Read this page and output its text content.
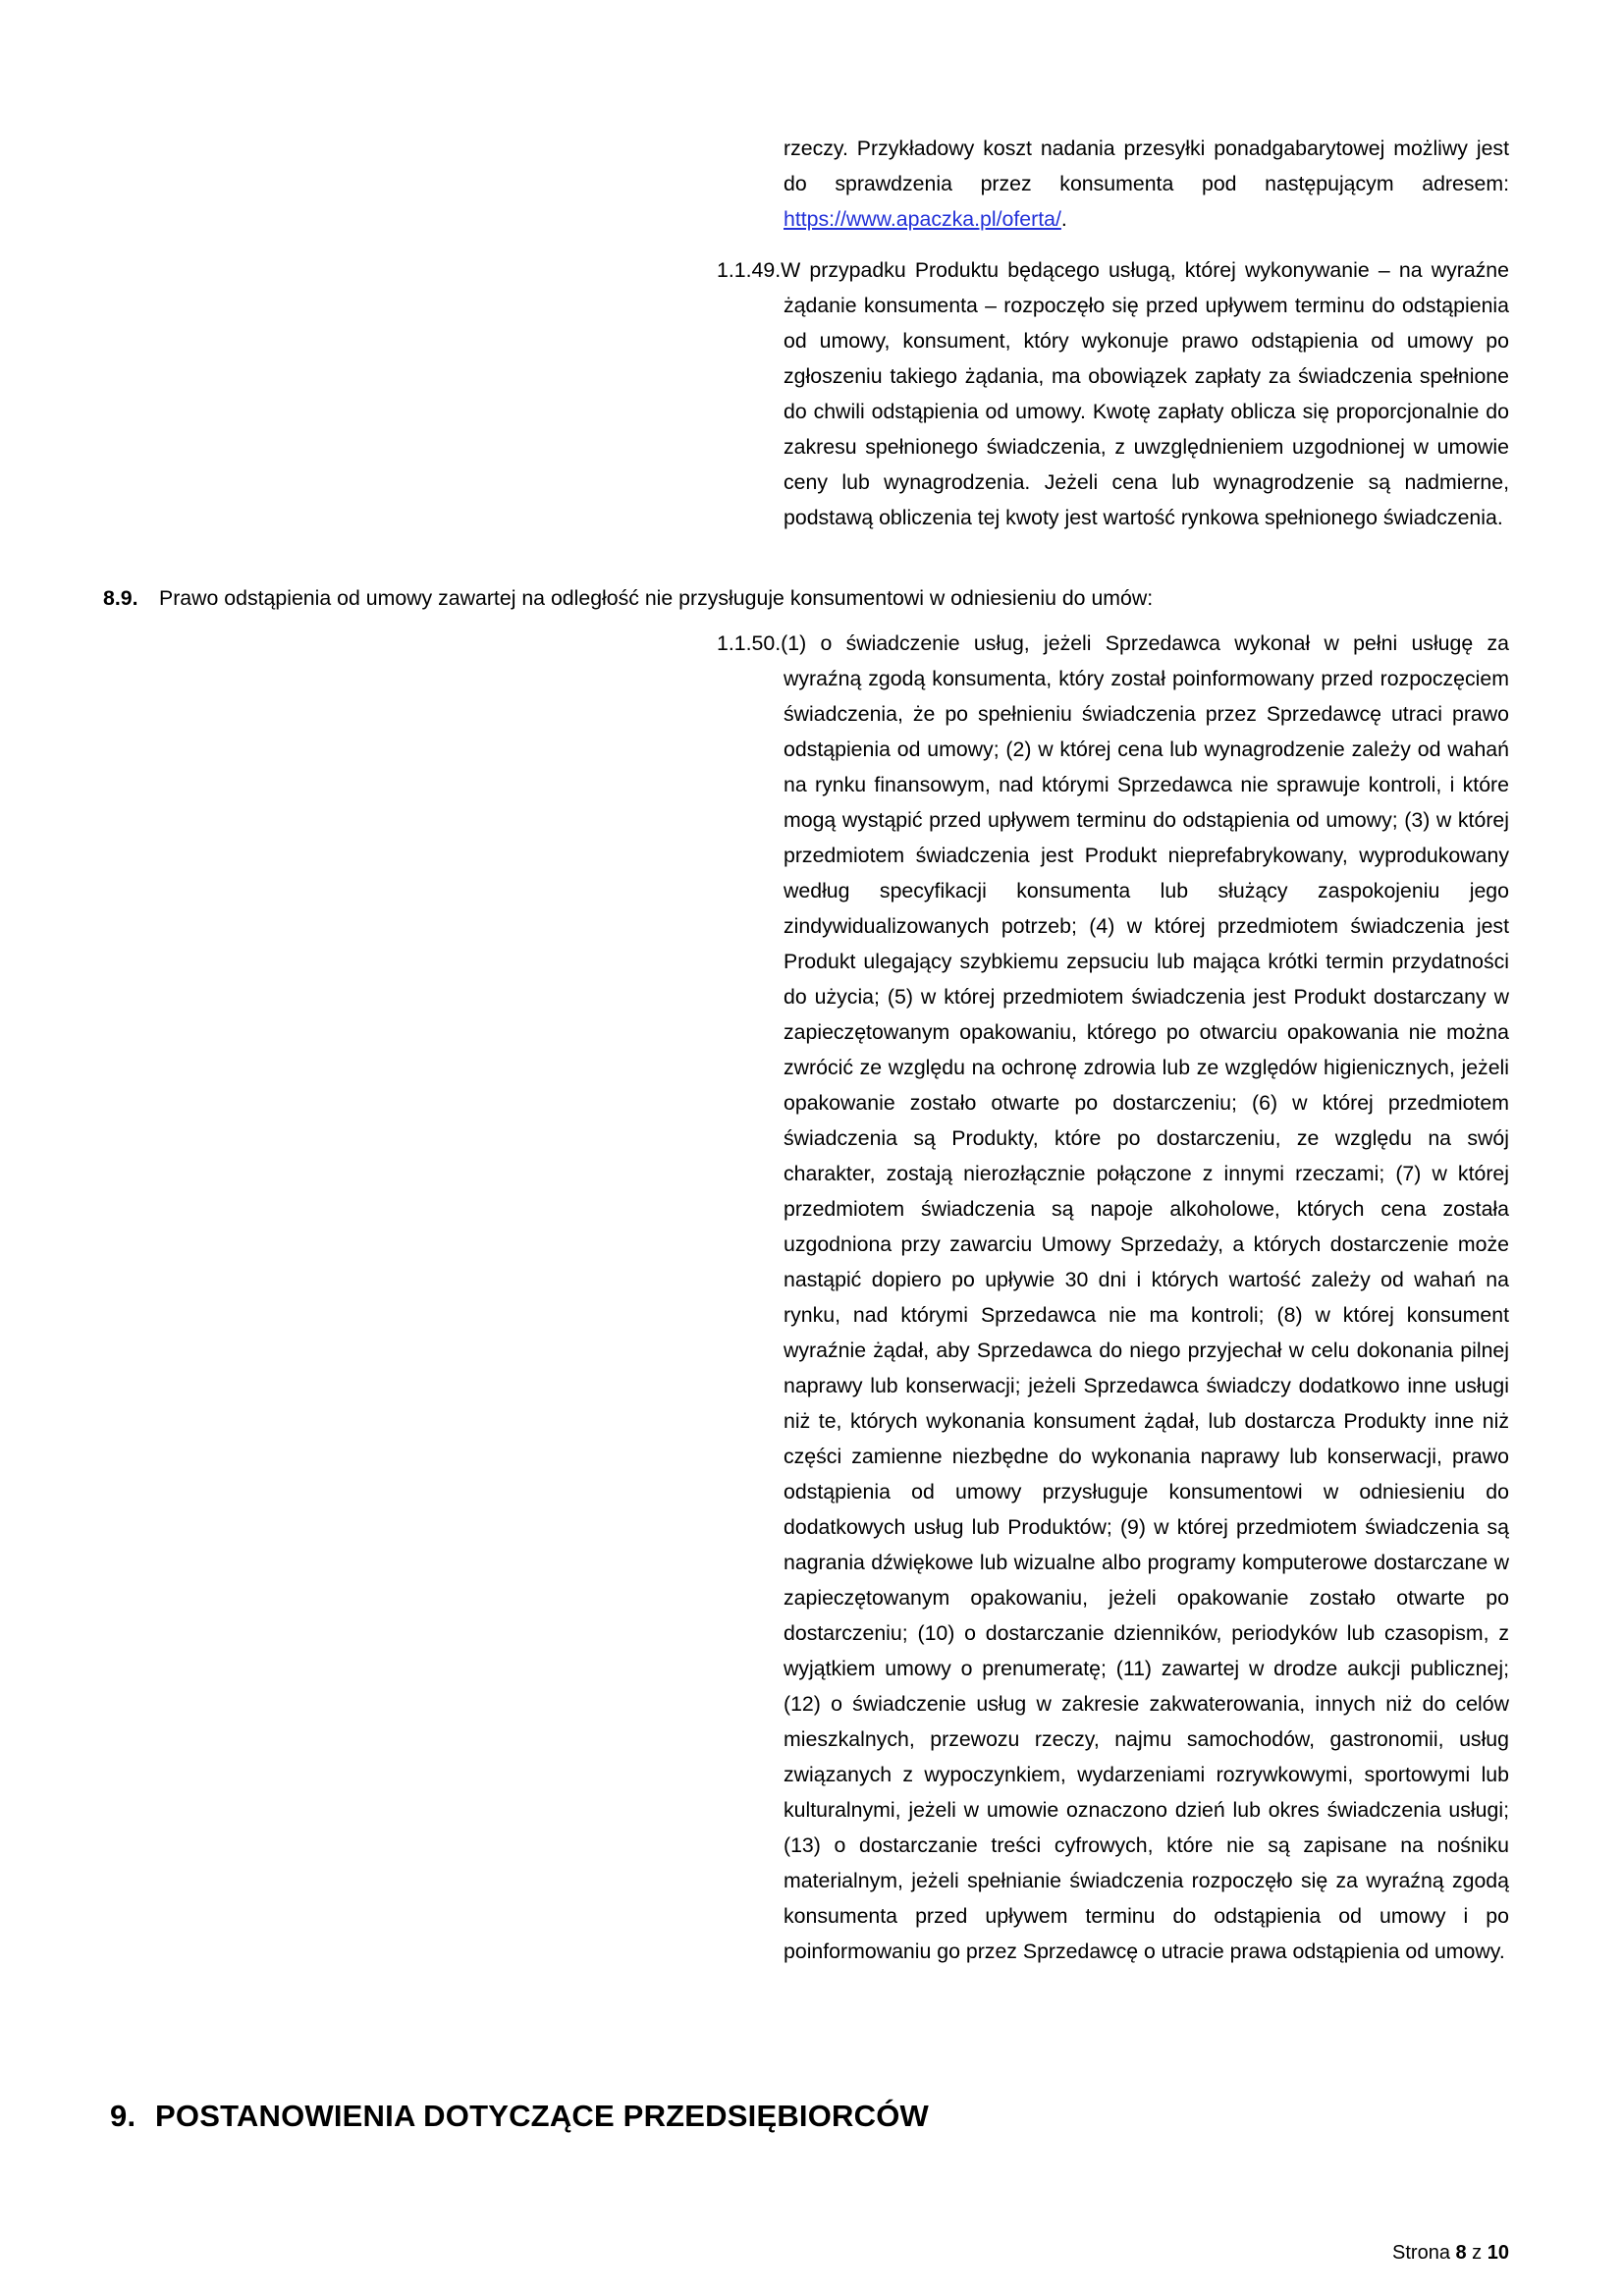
rzeczy. Przykładowy koszt nadania przesyłki ponadgabarytowej możliwy jest do sprawdzenia przez konsumenta pod następującym adresem: https://www.apaczka.pl/oferta/.

1.1.49.W przypadku Produktu będącego usługą, której wykonywanie – na wyraźne żądanie konsumenta – rozpoczęło się przed upływem terminu do odstąpienia od umowy, konsument, który wykonuje prawo odstąpienia od umowy po zgłoszeniu takiego żądania, ma obowiązek zapłaty za świadczenia spełnione do chwili odstąpienia od umowy. Kwotę zapłaty oblicza się proporcjonalnie do zakresu spełnionego świadczenia, z uwzględnieniem uzgodnionej w umowie ceny lub wynagrodzenia. Jeżeli cena lub wynagrodzenie są nadmierne, podstawą obliczenia tej kwoty jest wartość rynkowa spełnionego świadczenia.

8.9. Prawo odstąpienia od umowy zawartej na odległość nie przysługuje konsumentowi w odniesieniu do umów:

1.1.50.(1) o świadczenie usług, jeżeli Sprzedawca wykonał w pełni usługę za wyraźną zgodą konsumenta, który został poinformowany przed rozpoczęciem świadczenia, że po spełnieniu świadczenia przez Sprzedawcę utraci prawo odstąpienia od umowy; (2) w której cena lub wynagrodzenie zależy od wahań na rynku finansowym, nad którymi Sprzedawca nie sprawuje kontroli, i które mogą wystąpić przed upływem terminu do odstąpienia od umowy; (3) w której przedmiotem świadczenia jest Produkt nieprefabrykowany, wyprodukowany według specyfikacji konsumenta lub służący zaspokojeniu jego zindywidualizowanych potrzeb; (4) w której przedmiotem świadczenia jest Produkt ulegający szybkiemu zepsuciu lub mająca krótki termin przydatności do użycia; (5) w której przedmiotem świadczenia jest Produkt dostarczany w zapieczętowanym opakowaniu, którego po otwarciu opakowania nie można zwrócić ze względu na ochronę zdrowia lub ze względów higienicznych, jeżeli opakowanie zostało otwarte po dostarczeniu; (6) w której przedmiotem świadczenia są Produkty, które po dostarczeniu, ze względu na swój charakter, zostają nierozłącznie połączone z innymi rzeczami; (7) w której przedmiotem świadczenia są napoje alkoholowe, których cena została uzgodniona przy zawarciu Umowy Sprzedaży, a których dostarczenie może nastąpić dopiero po upływie 30 dni i których wartość zależy od wahań na rynku, nad którymi Sprzedawca nie ma kontroli; (8) w której konsument wyraźnie żądał, aby Sprzedawca do niego przyjechał w celu dokonania pilnej naprawy lub konserwacji; jeżeli Sprzedawca świadczy dodatkowo inne usługi niż te, których wykonania konsument żądał, lub dostarcza Produkty inne niż części zamienne niezbędne do wykonania naprawy lub konserwacji, prawo odstąpienia od umowy przysługuje konsumentowi w odniesieniu do dodatkowych usług lub Produktów; (9) w której przedmiotem świadczenia są nagrania dźwiękowe lub wizualne albo programy komputerowe dostarczane w zapieczętowanym opakowaniu, jeżeli opakowanie zostało otwarte po dostarczeniu; (10) o dostarczanie dzienników, periodyków lub czasopism, z wyjątkiem umowy o prenumeratę; (11) zawartej w drodze aukcji publicznej; (12) o świadczenie usług w zakresie zakwaterowania, innych niż do celów mieszkalnych, przewozu rzeczy, najmu samochodów, gastronomii, usług związanych z wypoczynkiem, wydarzeniami rozrywkowymi, sportowymi lub kulturalnymi, jeżeli w umowie oznaczono dzień lub okres świadczenia usługi; (13) o dostarczanie treści cyfrowych, które nie są zapisane na nośniku materialnym, jeżeli spełnianie świadczenia rozpoczęło się za wyraźną zgodą konsumenta przed upływem terminu do odstąpienia od umowy i po poinformowaniu go przez Sprzedawcę o utracie prawa odstąpienia od umowy.

9. POSTANOWIENIA DOTYCZĄCE PRZEDSIĘBIORCÓW
Strona 8 z 10
